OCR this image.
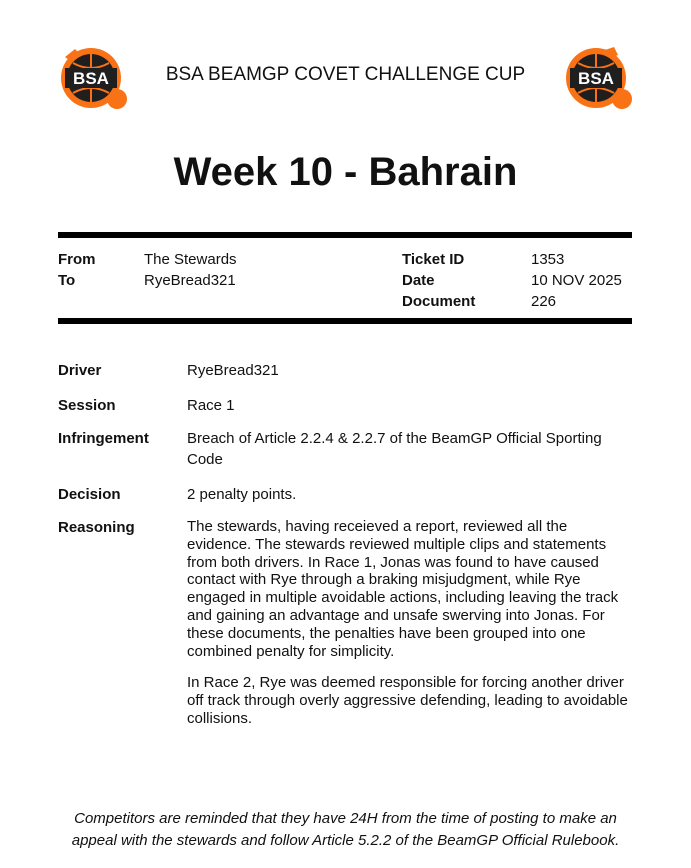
BSA	BSA BEAMGP COVET CHALLENGE CUP	BSA
Week 10 - Bahrain
From	The Stewards
To	RyeBread321
Ticket ID	1353
Date	10 NOV 2025
Document	226
Driver	RyeBread321
Session	Race 1
Infringement	Breach of Article 2.2.4 & 2.2.7 of the BeamGP Official Sporting Code
Decision	2 penalty points.
Reasoning	The stewards, having receieved a report, reviewed all the evidence. The stewards reviewed multiple clips and statements from both drivers. In Race 1, Jonas was found to have caused contact with Rye through a braking misjudgment, while Rye engaged in multiple avoidable actions, including leaving the track and gaining an advantage and unsafe swerving into Jonas. For these documents, the penalties have been grouped into one combined penalty for simplicity.

In Race 2, Rye was deemed responsible for forcing another driver off track through overly aggressive defending, leading to avoidable collisions.

Competitors are reminded that they have 24H from the time of posting to make an
appeal with the stewards and follow Article 5.2.2 of the BeamGP Official Rulebook.
